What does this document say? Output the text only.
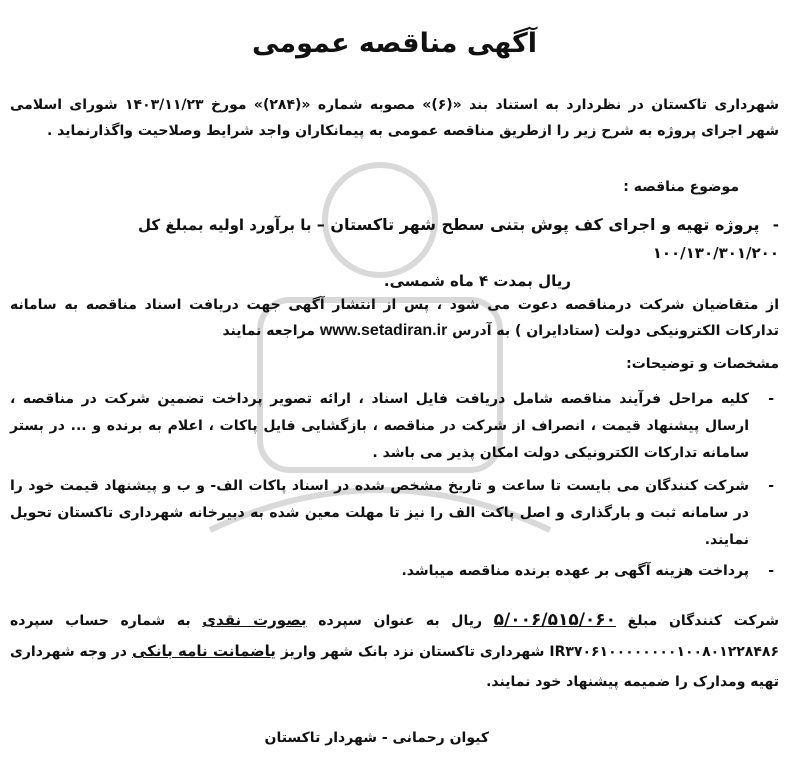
آگهی مناقصه عمومی
شهرداری تاکستان در نظردارد به استناد بند «(۶)» مصوبه شماره «(۲۸۴)» مورخ ۱۴۰۳/۱۱/۲۳ شورای اسلامی شهر اجرای پروژه به شرح زیر را ازطریق مناقصه عمومی به پیمانکاران واجد شرایط وصلاحیت واگذارنماید .
موضوع مناقصه :
- پروژه تهیه و اجرای کف پوش بتنی سطح شهر تاکستان – با برآورد اولیه بمبلغ کل ۱۰۰/۱۳۰/۳۰۱/۲۰۰
ریال بمدت ۴ ماه شمسی.
از متقاضیان شرکت درمناقصه دعوت می شود ، پس از انتشار آگهی جهت دریافت اسناد مناقصه به سامانه تدارکات الکترونیکی دولت (ستادایران ) به آدرس www.setadiran.ir مراجعه نمایند
مشخصات و توضیحات:
-
کلیه مراحل فرآیند مناقصه شامل دریافت فایل اسناد ، ارائه تصویر پرداخت تضمین شرکت در مناقصه ، ارسال پیشنهاد قیمت ، انصراف از شرکت در مناقصه ، بازگشایی فایل پاکات ، اعلام به برنده و ... در بستر سامانه تدارکات الکترونیکی دولت امکان پذیر می باشد .
-
شرکت کنندگان می بایست تا ساعت و تاریخ مشخص شده در اسناد پاکات الف- و ب و پیشنهاد قیمت خود را در سامانه ثبت و بارگذاری و اصل پاکت الف را نیز تا مهلت معین شده به دبیرخانه شهرداری تاکستان تحویل نمایند.
-
پرداخت هزینه آگهی بر عهده برنده مناقصه میباشد.
شرکت کنندگان مبلغ ۵/۰۰۶/۵۱۵/۰۶۰ ریال به عنوان سپرده بصورت نقدی به شماره حساب سپرده IR۳۷۰۶۱۰۰۰۰۰۰۰۰۱۰۰۸۰۱۲۲۸۴۸۶ شهرداری تاکستان نزد بانک شهر واریز یاضمانت نامه بانکی در وجه شهرداری تهیه ومدارک را ضمیمه پیشنهاد خود نمایند.
کیوان رحمانی - شهردار تاکستان
